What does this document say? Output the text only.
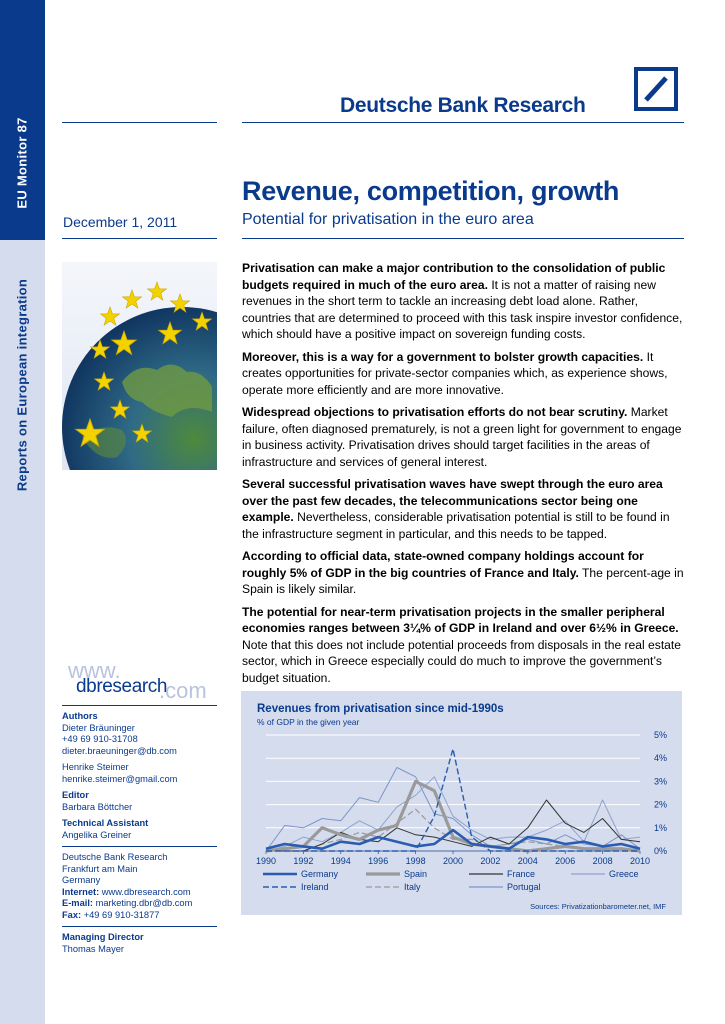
EU Monitor 87
Reports on European integration
Deutsche Bank Research
December 1, 2011
Revenue, competition, growth
Potential for privatisation in the euro area

Privatisation can make a major contribution to the consolidation of public budgets required in much of the euro area. It is not a matter of raising new revenues in the short term to tackle an increasing debt load alone. Rather, countries that are determined to proceed with this task inspire investor confidence, which should have a positive impact on sovereign funding costs.

Moreover, this is a way for a government to bolster growth capacities. It creates opportunities for private-sector companies which, as experience shows, operate more efficiently and are more innovative.

Widespread objections to privatisation efforts do not bear scrutiny. Market failure, often diagnosed prematurely, is not a green light for government to engage in business activity. Privatisation drives should target facilities in the areas of infrastructure and services of general interest.

Several successful privatisation waves have swept through the euro area over the past few decades, the telecommunications sector being one example. Nevertheless, considerable privatisation potential is still to be found in the infrastructure segment in particular, and this needs to be tapped.

According to official data, state-owned company holdings account for roughly 5% of GDP in the big countries of France and Italy. The percent-age in Spain is likely similar.

The potential for near-term privatisation projects in the smaller peripheral economies ranges between 3¼% of GDP in Ireland and over 6½% in Greece. Note that this does not include potential proceeds from disposals in the real estate sector, which in Greece especially could do much to improve the government’s budget situation.

www.
dbresearch
.com
Authors
Dieter Bräuninger
+49 69 910-31708
dieter.braeuninger@db.com
Henrike Steimer
henrike.steimer@gmail.com
Editor
Barbara Böttcher
Technical Assistant
Angelika Greiner
Deutsche Bank Research
Frankfurt am Main
Germany
Internet: www.dbresearch.com
E-mail: marketing.dbr@db.com
Fax: +49 69 910-31877
Managing Director
Thomas Mayer
Revenues from privatisation since mid-1990s
% of GDP in the given year
0%
1%
2%
3%
4%
5%
1990 1992 1994 1996 1998 2000 2002 2004 2006 2008 2010
Germany	Spain	France	Greece
Ireland	Italy	Portugal
Sources: Privatizationbarometer.net, IMF
